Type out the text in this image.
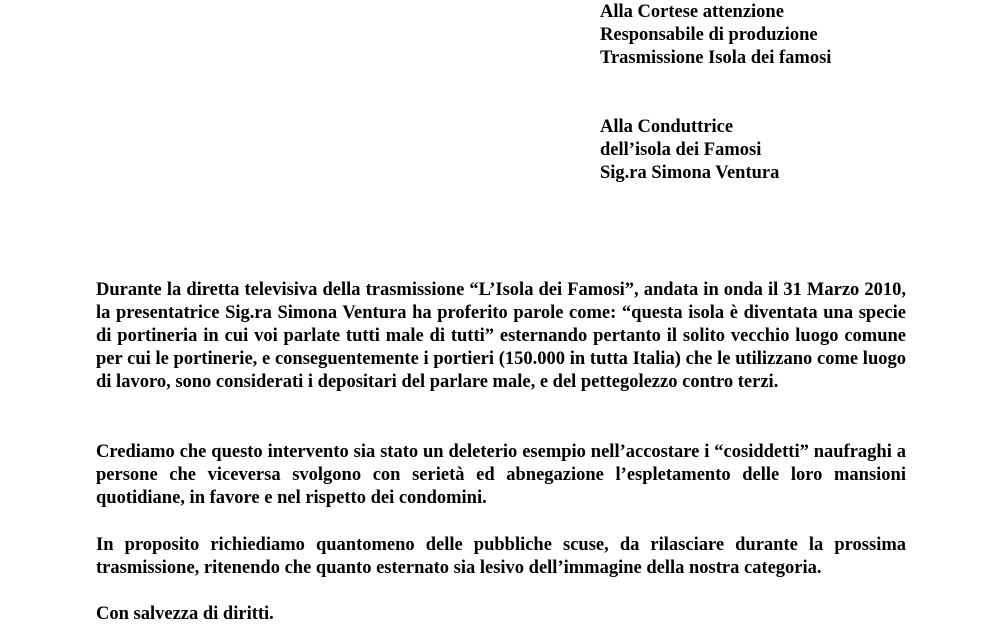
Alla Cortese attenzione
Responsabile di produzione
Trasmissione Isola dei famosi
Alla Conduttrice
dell’isola dei Famosi
Sig.ra Simona Ventura

Durante la diretta televisiva della trasmissione “L’Isola dei Famosi”, andata in onda il 31 Marzo 2010, la presentatrice Sig.ra Simona Ventura ha proferito parole come: “questa isola è diventata una specie di portineria in cui voi parlate tutti male di tutti” esternando pertanto il solito vecchio luogo comune per cui le portinerie, e conseguentemente i portieri (150.000 in tutta Italia) che le utilizzano come luogo di lavoro, sono considerati i depositari del parlare male, e del pettegolezzo contro terzi.

Crediamo che questo intervento sia stato un deleterio esempio nell’accostare i “cosiddetti” naufraghi a persone che viceversa svolgono con serietà ed abnegazione l’espletamento delle loro mansioni quotidiane, in favore e nel rispetto dei condomini.

In proposito richiediamo quantomeno delle pubbliche scuse, da rilasciare durante la prossima trasmissione, ritenendo che quanto esternato sia lesivo dell’immagine della nostra categoria.

Con salvezza di diritti.
